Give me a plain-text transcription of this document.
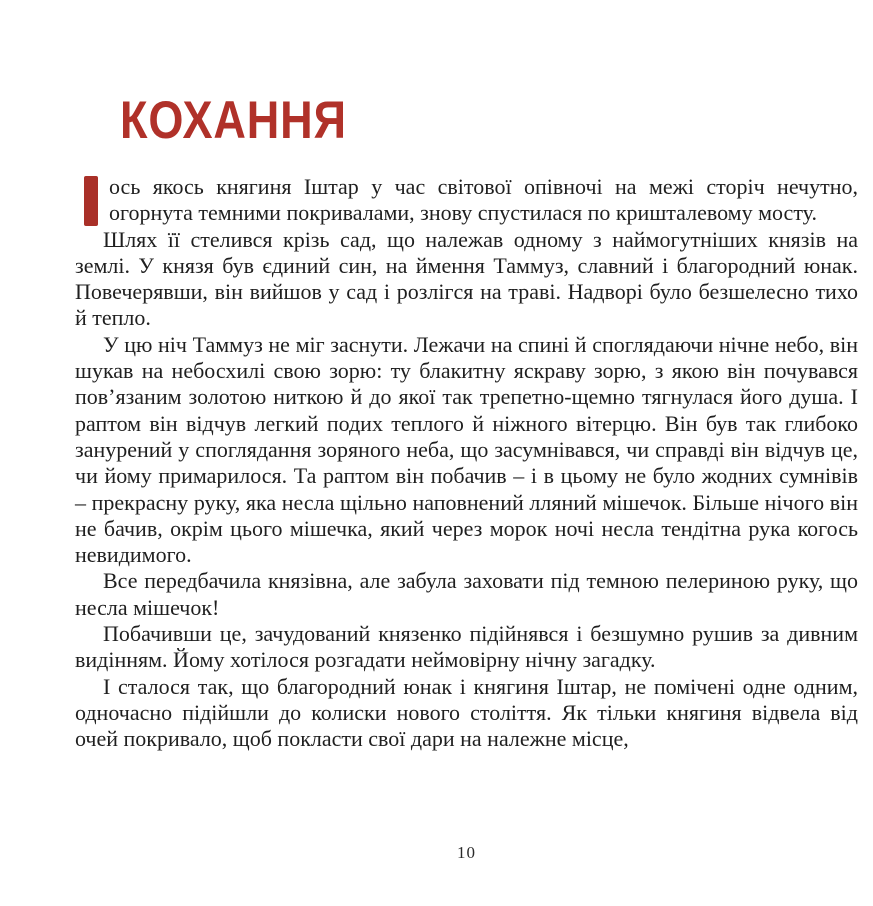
КОХАННЯ

ось якось княгиня Іштар у час світової опівночі на межі сторіч нечутно, огорнута темними покривалами, знову спустилася по кришталевому мосту.

Шлях її стелився крізь сад, що належав одному з наймогутніших князів на землі. У князя був єдиний син, на ймення Таммуз, славний і благородний юнак. Повечерявши, він вийшов у сад і розлігся на траві. Надворі було безшелесно тихо й тепло.

У цю ніч Таммуз не міг заснути. Лежачи на спині й споглядаючи нічне небо, він шукав на небосхилі свою зорю: ту блакитну яскраву зорю, з якою він почувався пов’язаним золотою ниткою й до якої так трепетно-щемно тягнулася його душа. І раптом він відчув легкий подих теплого й ніжного вітерцю. Він був так глибоко занурений у споглядання зоряного неба, що засумнівався, чи справді він відчув це, чи йому примарилося. Та раптом він побачив – і в цьому не було жодних сумнівів – прекрасну руку, яка несла щільно наповнений лляний мішечок. Більше нічого він не бачив, окрім цього мішечка, який через морок ночі несла тендітна рука когось невидимого.

Все передбачила князівна, але забула заховати під темною пелериною руку, що несла мішечок!

Побачивши це, зачудований князенко підійнявся і безшумно рушив за дивним видінням. Йому хотілося розгадати неймовірну нічну загадку.

І сталося так, що благородний юнак і княгиня Іштар, не помічені одне одним, одночасно підійшли до колиски нового століття. Як тільки княгиня відвела від очей покривало, щоб покласти свої дари на належне місце,

10
